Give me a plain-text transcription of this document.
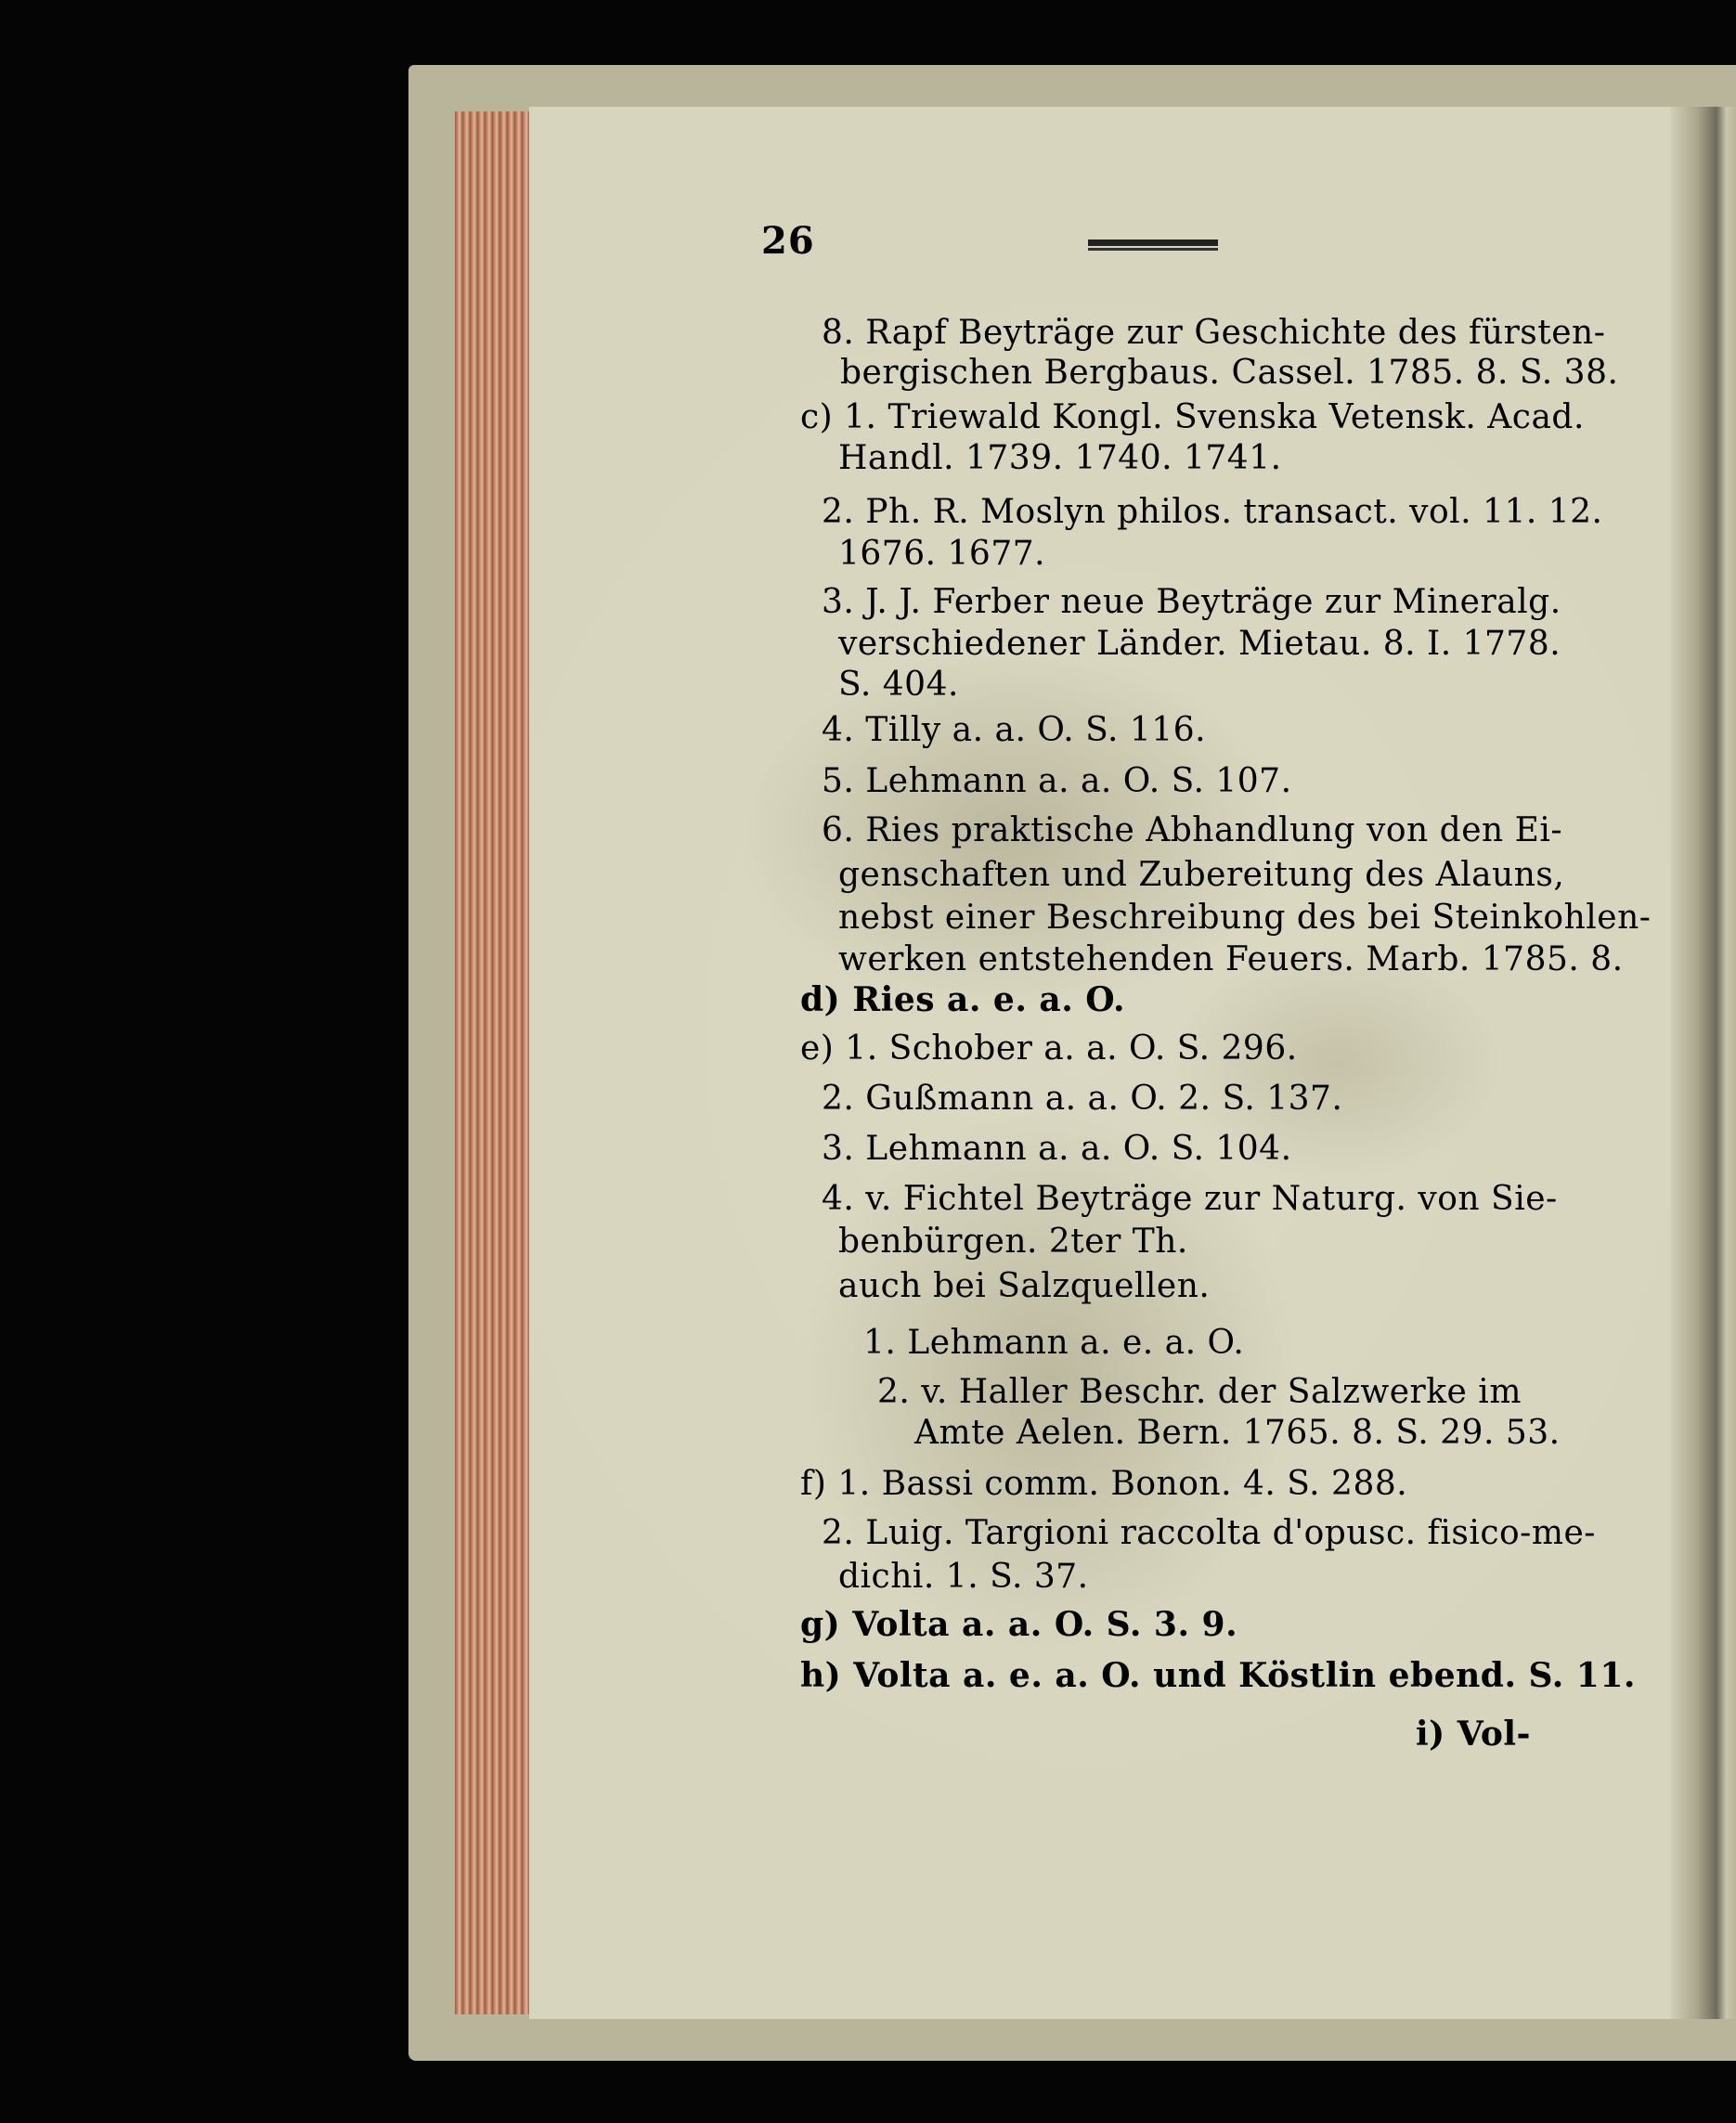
26
8. Rapf Beyträge zur Geschichte des fürsten-
bergischen Bergbaus. Cassel. 1785. 8. S. 38.
c) 1. Triewald Kongl. Svenska Vetensk. Acad.
Handl. 1739. 1740. 1741.
2. Ph. R. Moslyn philos. transact. vol. 11. 12.
1676. 1677.
3. J. J. Ferber neue Beyträge zur Mineralg.
verschiedener Länder. Mietau. 8. I. 1778.
S. 404.
4. Tilly a. a. O. S. 116.
5. Lehmann a. a. O. S. 107.
6. Ries praktische Abhandlung von den Ei-
genschaften und Zubereitung des Alauns,
nebst einer Beschreibung des bei Steinkohlen-
werken entstehenden Feuers. Marb. 1785. 8.
d) Ries a. e. a. O.
e) 1. Schober a. a. O. S. 296.
2. Gußmann a. a. O. 2. S. 137.
3. Lehmann a. a. O. S. 104.
4. v. Fichtel Beyträge zur Naturg. von Sie-
benbürgen. 2ter Th.
auch bei Salzquellen.
1. Lehmann a. e. a. O.
2. v. Haller Beschr. der Salzwerke im
Amte Aelen. Bern. 1765. 8. S. 29. 53.
f) 1. Bassi comm. Bonon. 4. S. 288.
2. Luig. Targioni raccolta d'opusc. fisico-me-
dichi. 1. S. 37.
g) Volta a. a. O. S. 3. 9.
h) Volta a. e. a. O. und Köstlin ebend. S. 11.
i) Vol-
